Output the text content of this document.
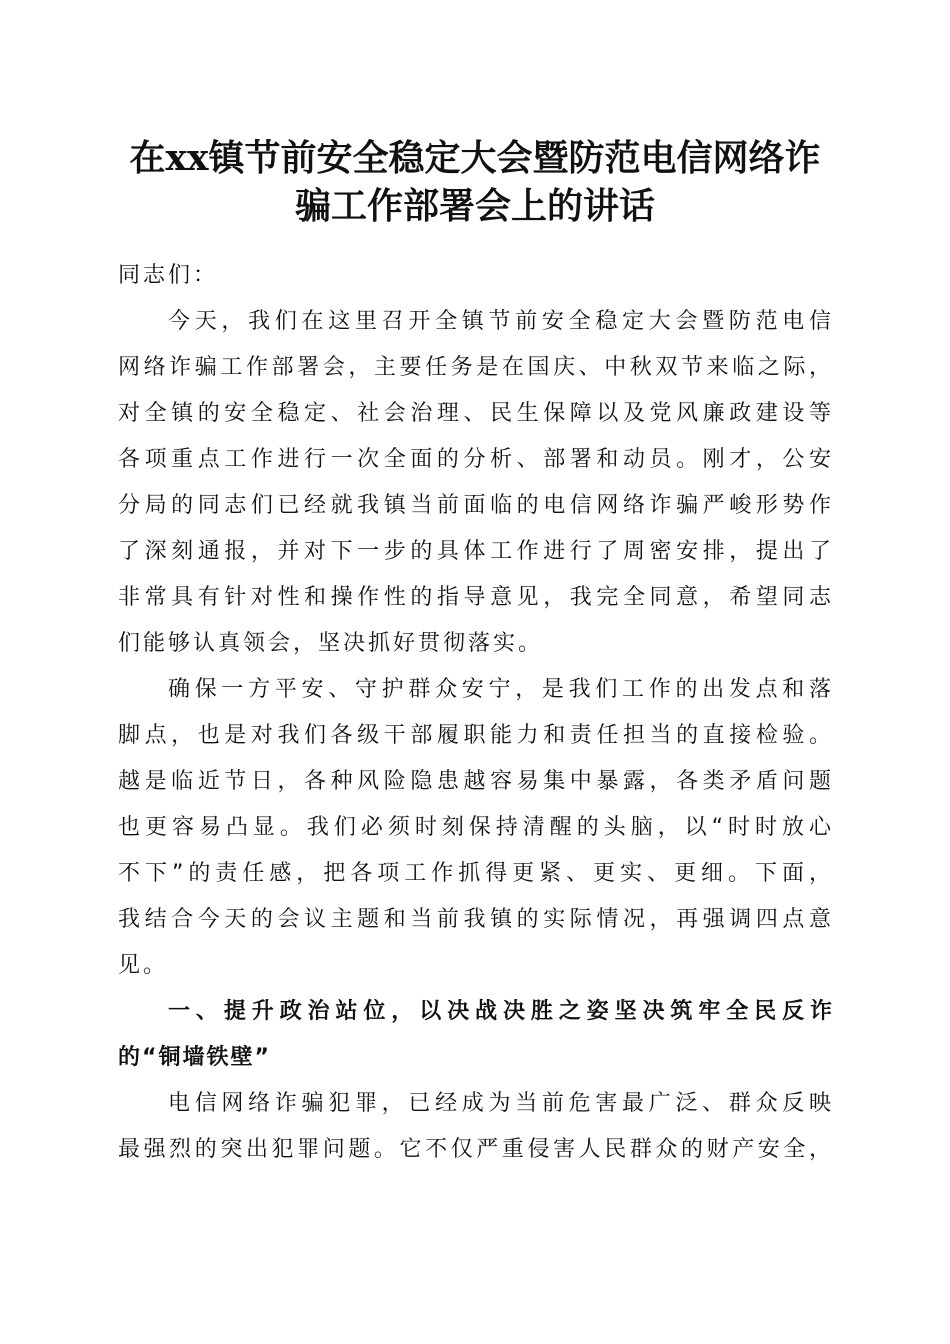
在xx镇节前安全稳定大会暨防范电信网络诈
骗工作部署会上的讲话
同志们：
今天，我们在这里召开全镇节前安全稳定大会暨防范电信
网络诈骗工作部署会，主要任务是在国庆、中秋双节来临之际，
对全镇的安全稳定、社会治理、民生保障以及党风廉政建设等
各项重点工作进行一次全面的分析、部署和动员。刚才，公安
分局的同志们已经就我镇当前面临的电信网络诈骗严峻形势作
了深刻通报，并对下一步的具体工作进行了周密安排，提出了
非常具有针对性和操作性的指导意见，我完全同意，希望同志
们能够认真领会，坚决抓好贯彻落实。
确保一方平安、守护群众安宁，是我们工作的出发点和落
脚点，也是对我们各级干部履职能力和责任担当的直接检验。
越是临近节日，各种风险隐患越容易集中暴露，各类矛盾问题
也更容易凸显。我们必须时刻保持清醒的头脑，以“时时放心
不下”的责任感，把各项工作抓得更紧、更实、更细。下面，
我结合今天的会议主题和当前我镇的实际情况，再强调四点意
见。
一、提升政治站位，以决战决胜之姿坚决筑牢全民反诈
的“铜墙铁壁”
电信网络诈骗犯罪，已经成为当前危害最广泛、群众反映
最强烈的突出犯罪问题。它不仅严重侵害人民群众的财产安全，
